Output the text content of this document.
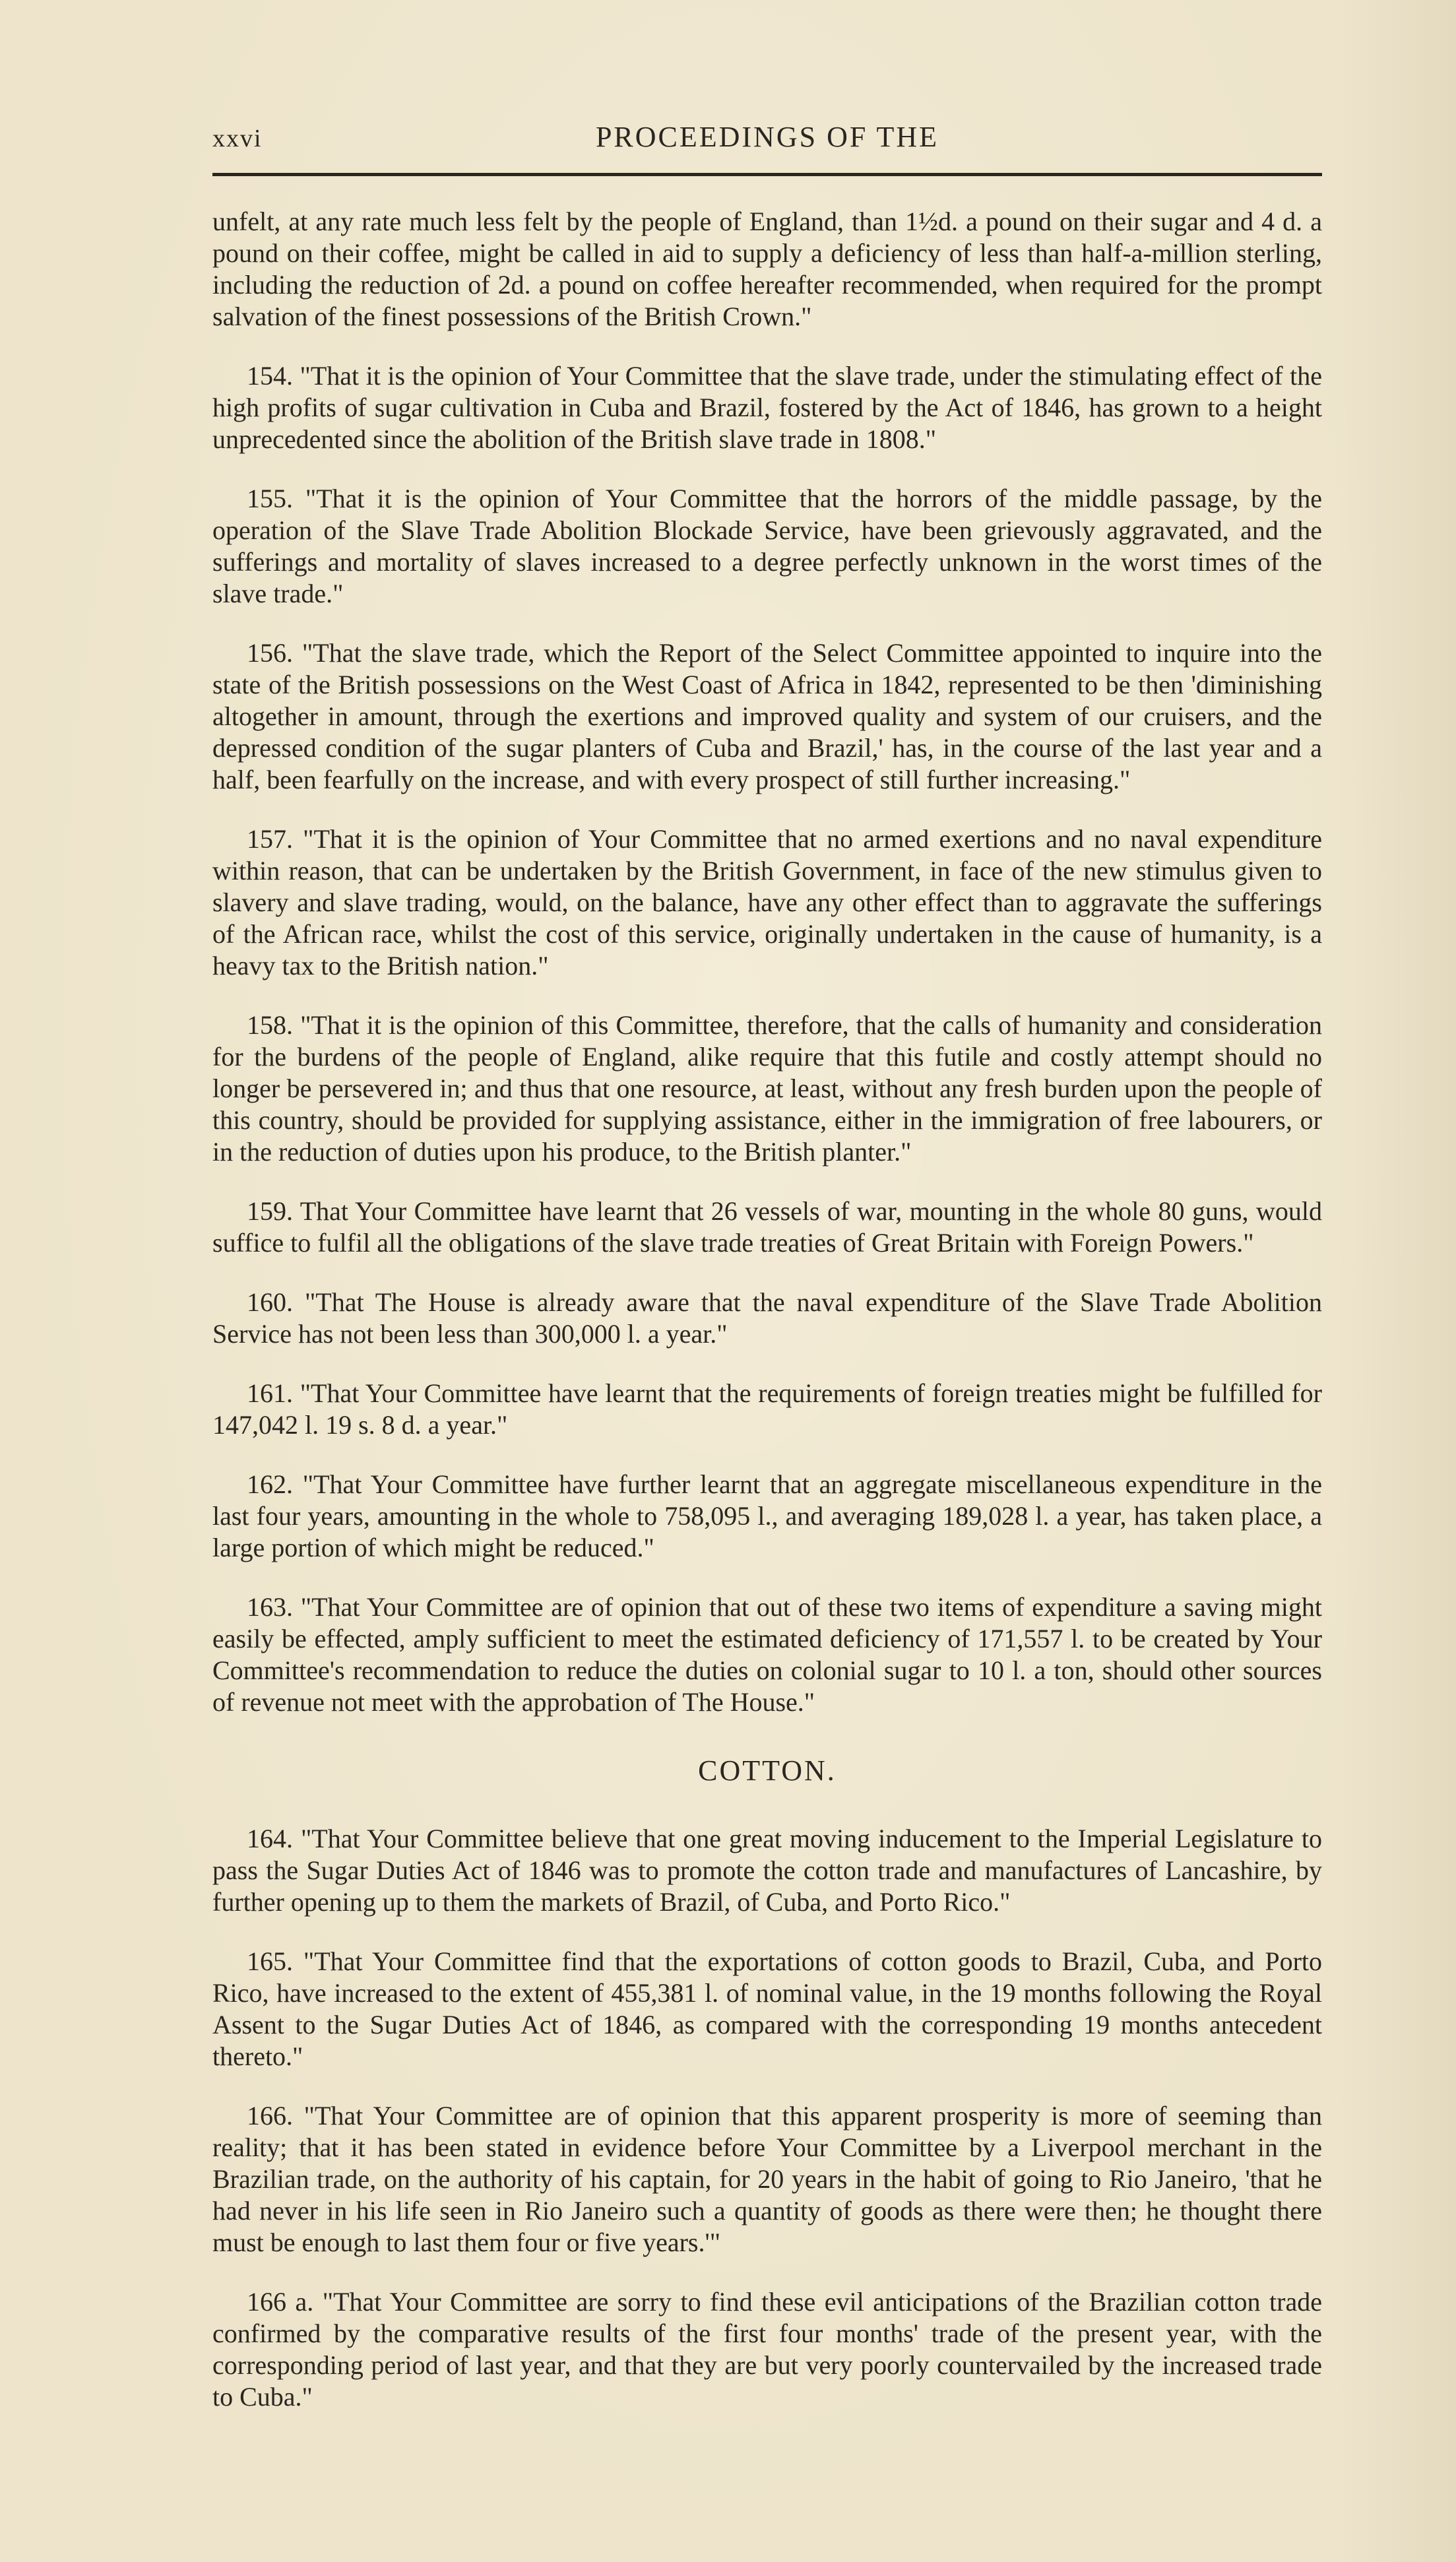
xxvi	PROCEEDINGS OF THE

unfelt, at any rate much less felt by the people of England, than 1½d. a pound on their sugar and 4 d. a pound on their coffee, might be called in aid to supply a deficiency of less than half-a-million sterling, including the reduction of 2d. a pound on coffee hereafter recommended, when required for the prompt salvation of the finest possessions of the British Crown."

154. "That it is the opinion of Your Committee that the slave trade, under the stimulating effect of the high profits of sugar cultivation in Cuba and Brazil, fostered by the Act of 1846, has grown to a height unprecedented since the abolition of the British slave trade in 1808."

155. "That it is the opinion of Your Committee that the horrors of the middle passage, by the operation of the Slave Trade Abolition Blockade Service, have been grievously aggravated, and the sufferings and mortality of slaves increased to a degree perfectly unknown in the worst times of the slave trade."

156. "That the slave trade, which the Report of the Select Committee appointed to inquire into the state of the British possessions on the West Coast of Africa in 1842, represented to be then 'diminishing altogether in amount, through the exertions and improved quality and system of our cruisers, and the depressed condition of the sugar planters of Cuba and Brazil,' has, in the course of the last year and a half, been fearfully on the increase, and with every prospect of still further increasing."

157. "That it is the opinion of Your Committee that no armed exertions and no naval expenditure within reason, that can be undertaken by the British Government, in face of the new stimulus given to slavery and slave trading, would, on the balance, have any other effect than to aggravate the sufferings of the African race, whilst the cost of this service, originally undertaken in the cause of humanity, is a heavy tax to the British nation."

158. "That it is the opinion of this Committee, therefore, that the calls of humanity and consideration for the burdens of the people of England, alike require that this futile and costly attempt should no longer be persevered in; and thus that one resource, at least, without any fresh burden upon the people of this country, should be provided for supplying assistance, either in the immigration of free labourers, or in the reduction of duties upon his produce, to the British planter."

159. That Your Committee have learnt that 26 vessels of war, mounting in the whole 80 guns, would suffice to fulfil all the obligations of the slave trade treaties of Great Britain with Foreign Powers."

160. "That The House is already aware that the naval expenditure of the Slave Trade Abolition Service has not been less than 300,000 l. a year."

161. "That Your Committee have learnt that the requirements of foreign treaties might be fulfilled for 147,042 l. 19 s. 8 d. a year."

162. "That Your Committee have further learnt that an aggregate miscellaneous expenditure in the last four years, amounting in the whole to 758,095 l., and averaging 189,028 l. a year, has taken place, a large portion of which might be reduced."

163. "That Your Committee are of opinion that out of these two items of expenditure a saving might easily be effected, amply sufficient to meet the estimated deficiency of 171,557 l. to be created by Your Committee's recommendation to reduce the duties on colonial sugar to 10 l. a ton, should other sources of revenue not meet with the approbation of The House."

COTTON.

164. "That Your Committee believe that one great moving inducement to the Imperial Legislature to pass the Sugar Duties Act of 1846 was to promote the cotton trade and manufactures of Lancashire, by further opening up to them the markets of Brazil, of Cuba, and Porto Rico."

165. "That Your Committee find that the exportations of cotton goods to Brazil, Cuba, and Porto Rico, have increased to the extent of 455,381 l. of nominal value, in the 19 months following the Royal Assent to the Sugar Duties Act of 1846, as compared with the corresponding 19 months antecedent thereto."

166. "That Your Committee are of opinion that this apparent prosperity is more of seeming than reality; that it has been stated in evidence before Your Committee by a Liverpool merchant in the Brazilian trade, on the authority of his captain, for 20 years in the habit of going to Rio Janeiro, 'that he had never in his life seen in Rio Janeiro such a quantity of goods as there were then; he thought there must be enough to last them four or five years.'"

166 a. "That Your Committee are sorry to find these evil anticipations of the Brazilian cotton trade confirmed by the comparative results of the first four months' trade of the present year, with the corresponding period of last year, and that they are but very poorly countervailed by the increased trade to Cuba."
